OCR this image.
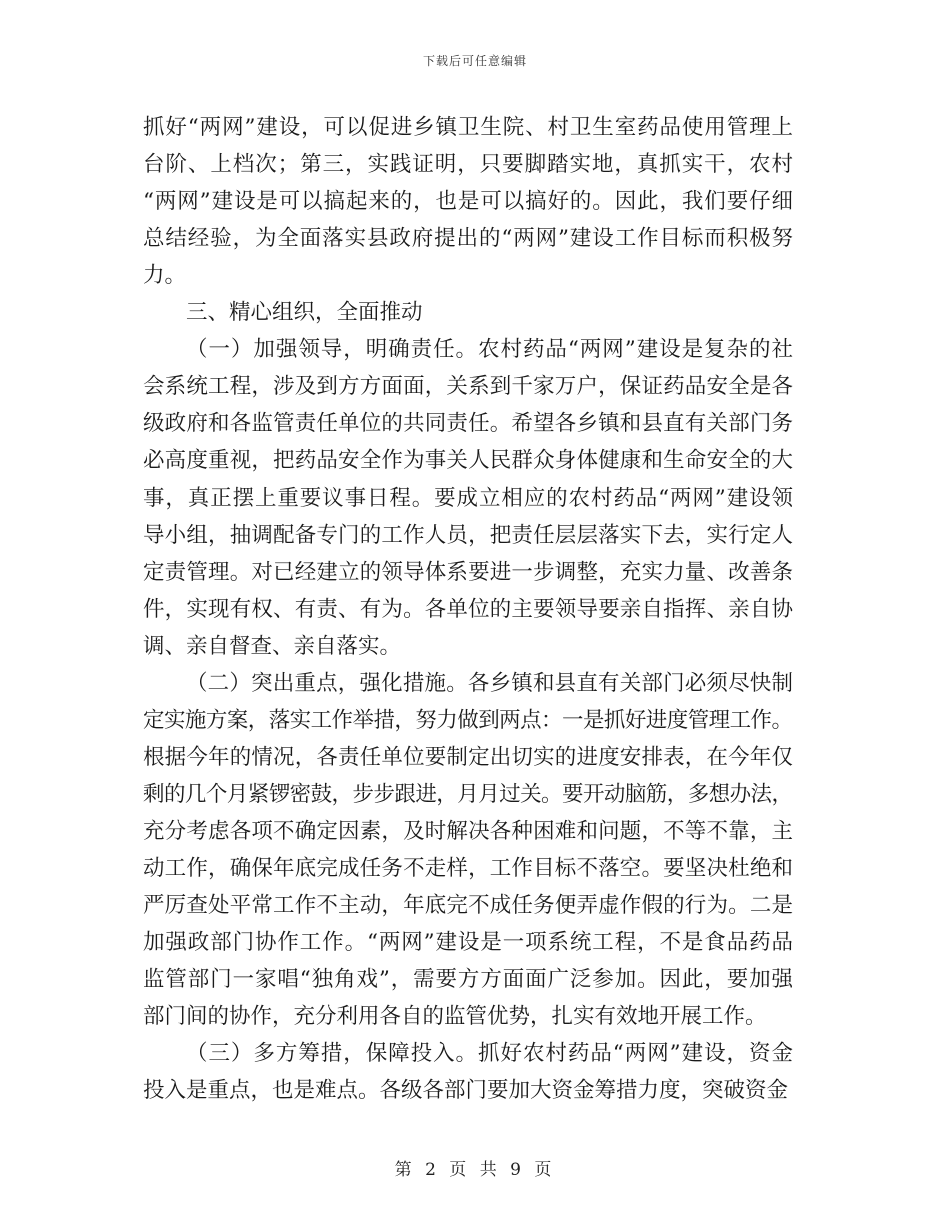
下载后可任意编辑
抓好“两网”建设，可以促进乡镇卫生院、村卫生室药品使用管理上
台阶、上档次；第三，实践证明，只要脚踏实地，真抓实干，农村
“两网”建设是可以搞起来的，也是可以搞好的。因此，我们要仔细
总结经验，为全面落实县政府提出的“两网”建设工作目标而积极努
力。
三、精心组织，全面推动
（一）加强领导，明确责任。农村药品“两网”建设是复杂的社
会系统工程，涉及到方方面面，关系到千家万户，保证药品安全是各
级政府和各监管责任单位的共同责任。希望各乡镇和县直有关部门务
必高度重视，把药品安全作为事关人民群众身体健康和生命安全的大
事，真正摆上重要议事日程。要成立相应的农村药品“两网”建设领
导小组，抽调配备专门的工作人员，把责任层层落实下去，实行定人
定责管理。对已经建立的领导体系要进一步调整，充实力量、改善条
件，实现有权、有责、有为。各单位的主要领导要亲自指挥、亲自协
调、亲自督查、亲自落实。
（二）突出重点，强化措施。各乡镇和县直有关部门必须尽快制
定实施方案，落实工作举措，努力做到两点：一是抓好进度管理工作。
根据今年的情况，各责任单位要制定出切实的进度安排表，在今年仅
剩的几个月紧锣密鼓，步步跟进，月月过关。要开动脑筋，多想办法，
充分考虑各项不确定因素，及时解决各种困难和问题，不等不靠，主
动工作，确保年底完成任务不走样，工作目标不落空。要坚决杜绝和
严厉查处平常工作不主动，年底完不成任务便弄虚作假的行为。二是
加强政部门协作工作。“两网”建设是一项系统工程，不是食品药品
监管部门一家唱“独角戏”，需要方方面面广泛参加。因此，要加强
部门间的协作，充分利用各自的监管优势，扎实有效地开展工作。
（三）多方筹措，保障投入。抓好农村药品“两网”建设，资金
投入是重点，也是难点。各级各部门要加大资金筹措力度，突破资金
第 2 页 共 9 页
